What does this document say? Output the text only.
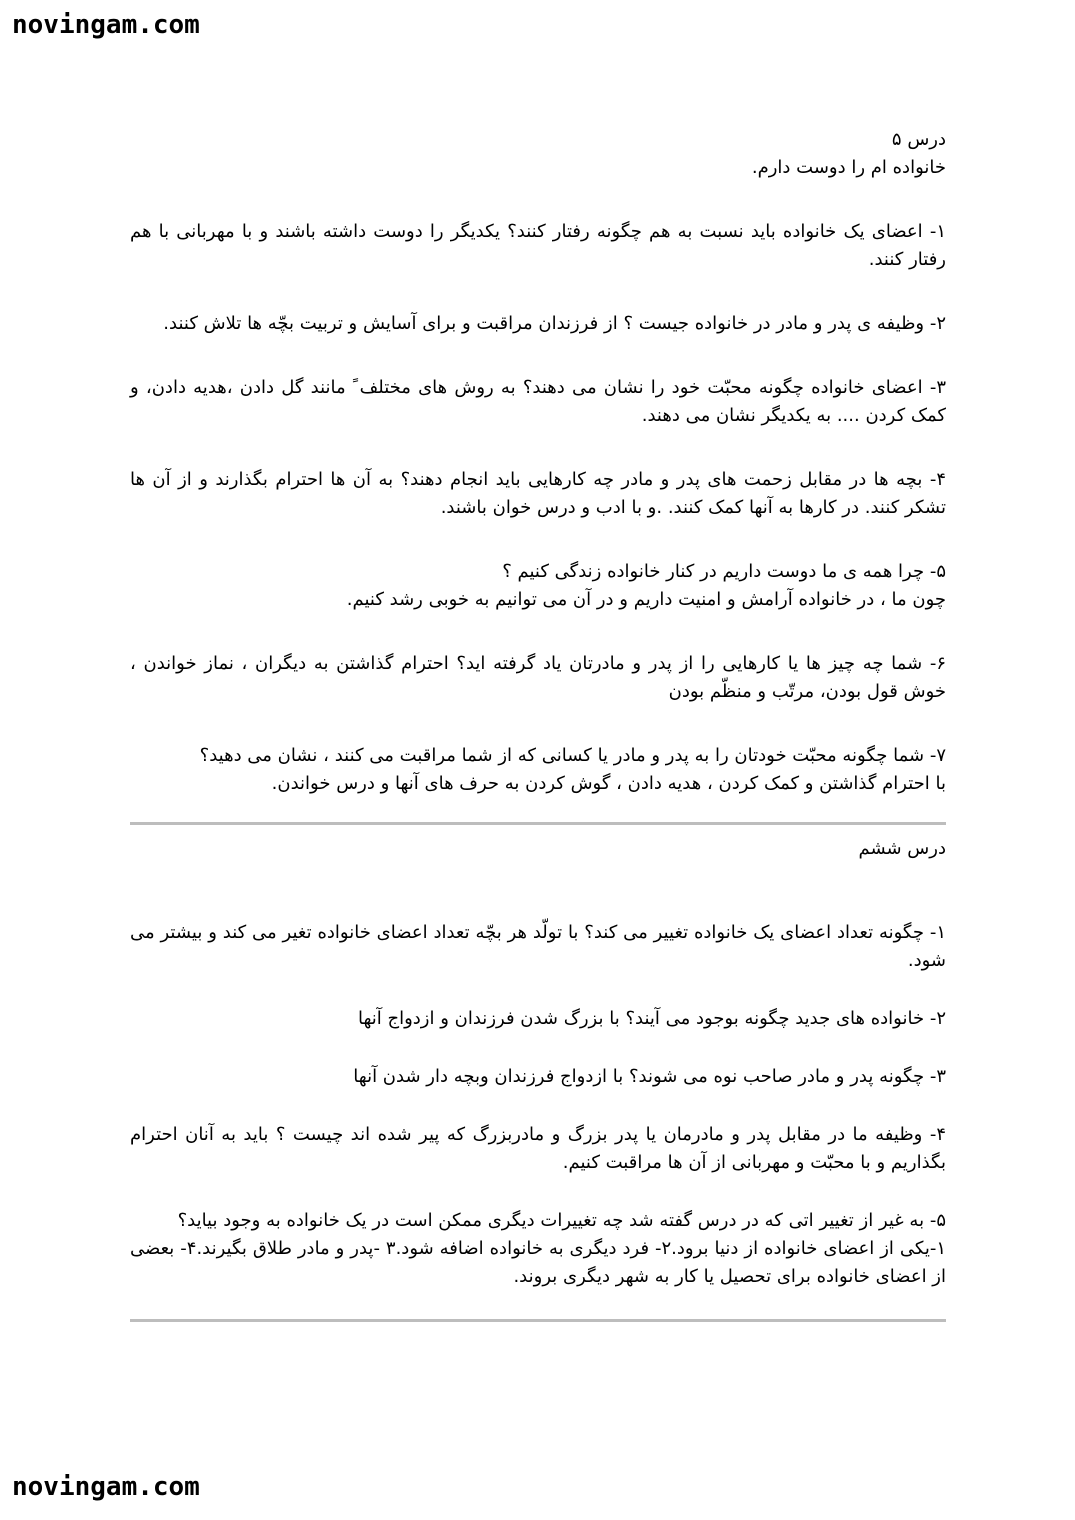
novingam.com

درس ۵

خانواده ام را دوست دارم.

۱- اعضای یک خانواده باید نسبت به هم چگونه رفتار کنند؟ یکدیگر را دوست داشته باشند و با مهربانی با هم رفتار کنند.
۲- وظیفه ی پدر و مادر در خانواده جیست ؟ از فرزندان مراقبت و برای آسایش و تربیت بچّه ها تلاش کنند.
۳- اعضای خانواده چگونه محبّت خود را نشان می دهند؟ به روش های مختلف ً مانند گل دادن ،هدیه دادن، و کمک کردن .... به یکدیگر نشان می دهند.
۴- بچه ها در مقابل زحمت های پدر و مادر چه کارهایی باید انجام دهند؟ به آن ها احترام بگذارند و از آن ها تشکر کنند. در کارها به آنها کمک کنند. .و با ادب و درس خوان باشند.
۵- چرا همه ی ما دوست داریم در کنار خانواده زندگی کنیم ؟
چون ما ، در خانواده آرامش و امنیت داریم و در آن می توانیم به خوبی رشد کنیم.
۶- شما چه چیز ها یا کارهایی را از پدر و مادرتان یاد گرفته اید؟ احترام گذاشتن به دیگران ، نماز خواندن ، خوش قول بودن، مرتّب و منظّم بودن
۷- شما چگونه محبّت خودتان را به پدر و مادر یا کسانی که از شما مراقبت می کنند ، نشان می دهید؟
با احترام گذاشتن و کمک کردن ، هدیه دادن ، گوش کردن به حرف های آنها و درس خواندن.

درس ششم

۱- چگونه تعداد اعضای یک خانواده تغییر می کند؟ با تولّد هر بچّه تعداد اعضای خانواده تغیر می کند و بیشتر می شود.
۲- خانواده های جدید چگونه بوجود می آیند؟ با بزرگ شدن فرزندان و ازدواج آنها
۳- چگونه پدر و مادر صاحب نوه می شوند؟ با ازدواج فرزندان وبچه دار شدن آنها
۴- وظیفه ما در مقابل پدر و مادرمان یا پدر بزرگ و مادربزرگ که پیر شده اند چیست ؟ باید به آنان احترام بگذاریم و با محبّت و مهربانی از آن ها مراقبت کنیم.
۵- به غیر از تغییر اتی که در درس گفته شد چه تغییرات دیگری ممکن است در یک خانواده به وجود بیاید؟
۱-یکی از اعضای خانواده از دنیا برود.۲- فرد دیگری به خانواده اضافه شود.۳ -پدر و مادر طلاق بگیرند.۴- بعضی از اعضای خانواده برای تحصیل یا کار به شهر دیگری بروند.
novingam.com
